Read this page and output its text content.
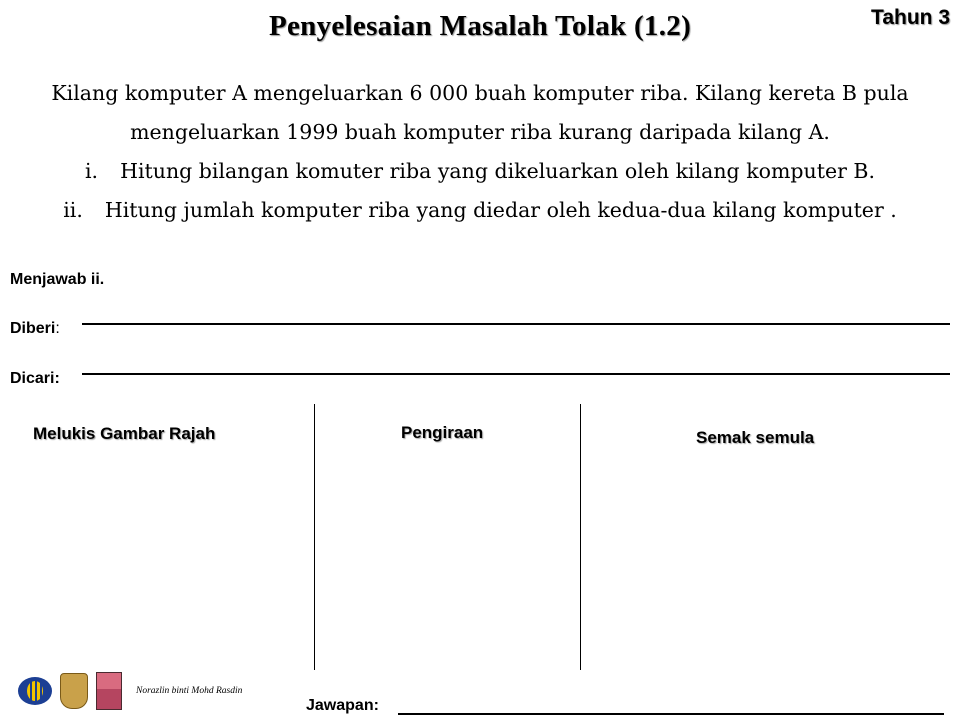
Penyelesaian Masalah Tolak (1.2)	Tahun 3

Kilang komputer A mengeluarkan 6 000 buah komputer riba. Kilang kereta B pula

mengeluarkan 1999 buah komputer riba kurang daripada kilang A.

i. Hitung bilangan komuter riba yang dikeluarkan oleh kilang komputer B.

ii. Hitung jumlah komputer riba yang diedar oleh kedua-dua kilang komputer .

Menjawab ii.
Diberi:
Dicari:
Melukis Gambar Rajah	Pengiraan	Semak semula
Norazlin binti Mohd Rasdin
Jawapan:
